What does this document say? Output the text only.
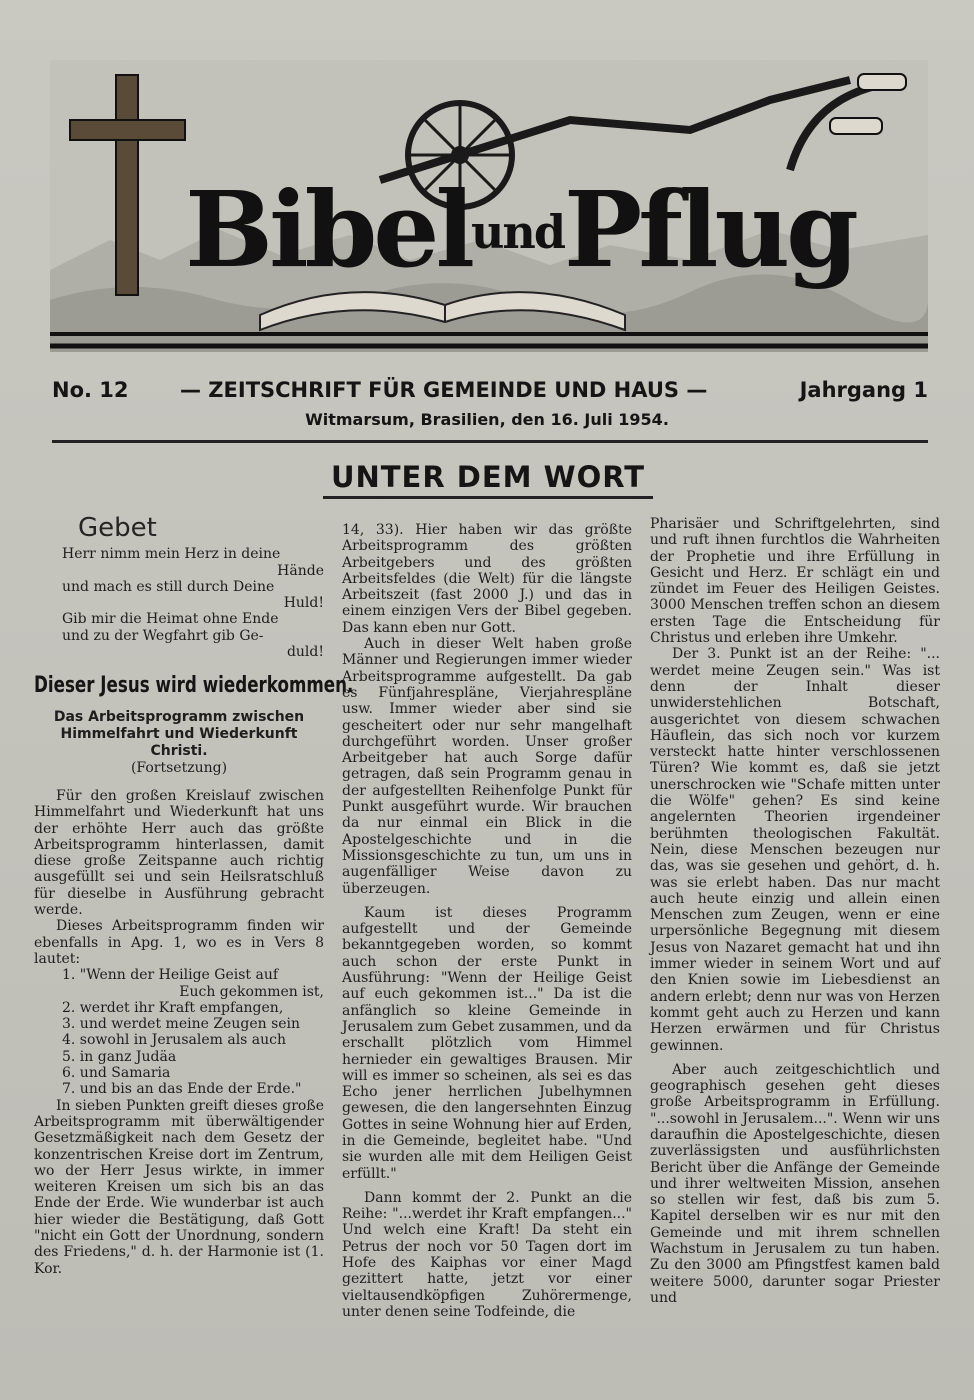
BibelundPflug
No. 12 — ZEITSCHRIFT FÜR GEMEINDE UND HAUS —	Jahrgang 1
Witmarsum, Brasilien, den 16. Juli 1954.
UNTER DEM WORT
Gebet
Herr nimm mein Herz in deine
Hände
und mach es still durch Deine
Huld!
Gib mir die Heimat ohne Ende
und zu der Wegfahrt gib Ge-
duld!
Dieser Jesus wird wiederkommen.
Das Arbeitsprogramm zwischen Himmelfahrt und Wiederkunft Christi.
(Fortsetzung)

Für den großen Kreislauf zwischen Himmelfahrt und Wiederkunft hat uns der erhöhte Herr auch das größte Arbeitsprogramm hinterlassen, damit diese große Zeitspanne auch richtig ausgefüllt sei und sein Heilsratschluß für dieselbe in Ausführung gebracht werde.

Dieses Arbeitsprogramm finden wir ebenfalls in Apg. 1, wo es in Vers 8 lautet:

1. "Wenn der Heilige Geist auf
Euch gekommen ist,
2. werdet ihr Kraft empfangen,
3. und werdet meine Zeugen sein
4. sowohl in Jerusalem als auch
5. in ganz Judäa
6. und Samaria
7. und bis an das Ende der Erde."

In sieben Punkten greift dieses große Arbeitsprogramm mit überwältigender Gesetzmäßigkeit nach dem Gesetz der konzentrischen Kreise dort im Zentrum, wo der Herr Jesus wirkte, in immer weiteren Kreisen um sich bis an das Ende der Erde. Wie wunderbar ist auch hier wieder die Bestätigung, daß Gott "nicht ein Gott der Unordnung, sondern des Friedens," d. h. der Harmonie ist (1. Kor.

14, 33). Hier haben wir das größte Arbeitsprogramm des größten Arbeitgebers und des größten Arbeitsfeldes (die Welt) für die längste Arbeitszeit (fast 2000 J.) und das in einem einzigen Vers der Bibel gegeben. Das kann eben nur Gott.

Auch in dieser Welt haben große Männer und Regierungen immer wieder Arbeitsprogramme aufgestellt. Da gab es Fünfjahrespläne, Vierjahrespläne usw. Immer wieder aber sind sie gescheitert oder nur sehr mangelhaft durchgeführt worden. Unser großer Arbeitgeber hat auch Sorge dafür getragen, daß sein Programm genau in der aufgestellten Reihenfolge Punkt für Punkt ausgeführt wurde. Wir brauchen da nur einmal ein Blick in die Apostelgeschichte und in die Missionsgeschichte zu tun, um uns in augenfälliger Weise davon zu überzeugen.

Kaum ist dieses Programm aufgestellt und der Gemeinde bekanntgegeben worden, so kommt auch schon der erste Punkt in Ausführung: "Wenn der Heilige Geist auf euch gekommen ist..." Da ist die anfänglich so kleine Gemeinde in Jerusalem zum Gebet zusammen, und da erschallt plötzlich vom Himmel hernieder ein gewaltiges Brausen. Mir will es immer so scheinen, als sei es das Echo jener herrlichen Jubelhymnen gewesen, die den langersehnten Einzug Gottes in seine Wohnung hier auf Erden, in die Gemeinde, begleitet habe. "Und sie wurden alle mit dem Heiligen Geist erfüllt."

Dann kommt der 2. Punkt an die Reihe: "...werdet ihr Kraft empfangen..." Und welch eine Kraft! Da steht ein Petrus der noch vor 50 Tagen dort im Hofe des Kaiphas vor einer Magd gezittert hatte, jetzt vor einer vieltausendköpfigen Zuhörermenge, unter denen seine Todfeinde, die

Pharisäer und Schriftgelehrten, sind und ruft ihnen furchtlos die Wahrheiten der Prophetie und ihre Erfüllung in Gesicht und Herz. Er schlägt ein und zündet im Feuer des Heiligen Geistes. 3000 Menschen treffen schon an diesem ersten Tage die Entscheidung für Christus und erleben ihre Umkehr.

Der 3. Punkt ist an der Reihe: "... werdet meine Zeugen sein." Was ist denn der Inhalt dieser unwiderstehlichen Botschaft, ausgerichtet von diesem schwachen Häuflein, das sich noch vor kurzem versteckt hatte hinter verschlossenen Türen? Wie kommt es, daß sie jetzt unerschrocken wie "Schafe mitten unter die Wölfe" gehen? Es sind keine angelernten Theorien irgendeiner berühmten theologischen Fakultät. Nein, diese Menschen bezeugen nur das, was sie gesehen und gehört, d. h. was sie erlebt haben. Das nur macht auch heute einzig und allein einen Menschen zum Zeugen, wenn er eine urpersönliche Begegnung mit diesem Jesus von Nazaret gemacht hat und ihn immer wieder in seinem Wort und auf den Knien sowie im Liebesdienst an andern erlebt; denn nur was von Herzen kommt geht auch zu Herzen und kann Herzen erwärmen und für Christus gewinnen.

Aber auch zeitgeschichtlich und geographisch gesehen geht dieses große Arbeitsprogramm in Erfüllung. "...sowohl in Jerusalem...". Wenn wir uns daraufhin die Apostelgeschichte, diesen zuverlässigsten und ausführlichsten Bericht über die Anfänge der Gemeinde und ihrer weltweiten Mission, ansehen so stellen wir fest, daß bis zum 5. Kapitel derselben wir es nur mit den Gemeinde und mit ihrem schnellen Wachstum in Jerusalem zu tun haben. Zu den 3000 am Pfingstfest kamen bald weitere 5000, darunter sogar Priester und
